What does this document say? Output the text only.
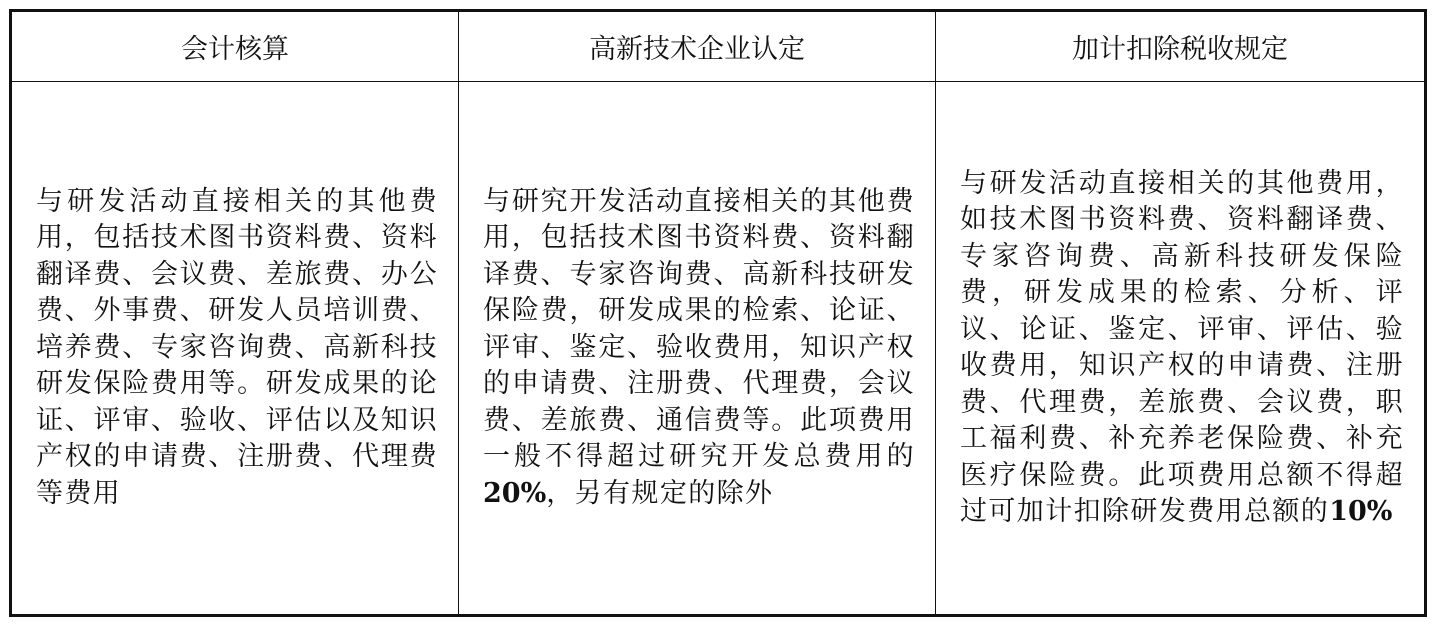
会计核算	高新技术企业认定	加计扣除税收规定

与研发活动直接相关的其他费用，包括技术图书资料费、资料翻译费、会议费、差旅费、办公费、外事费、研发人员培训费、培养费、专家咨询费、高新科技研发保险费用等。研发成果的论证、评审、验收、评估以及知识产权的申请费、注册费、代理费等费用

与研究开发活动直接相关的其他费用，包括技术图书资料费、资料翻译费、专家咨询费、高新科技研发保险费，研发成果的检索、论证、评审、鉴定、验收费用，知识产权的申请费、注册费、代理费，会议费、差旅费、通信费等。此项费用一般不得超过研究开发总费用的20%，另有规定的除外

与研发活动直接相关的其他费用，如技术图书资料费、资料翻译费、专家咨询费、高新科技研发保险费，研发成果的检索、分析、评议、论证、鉴定、评审、评估、验收费用，知识产权的申请费、注册费、代理费，差旅费、会议费，职工福利费、补充养老保险费、补充医疗保险费。此项费用总额不得超过可加计扣除研发费用总额的10%
